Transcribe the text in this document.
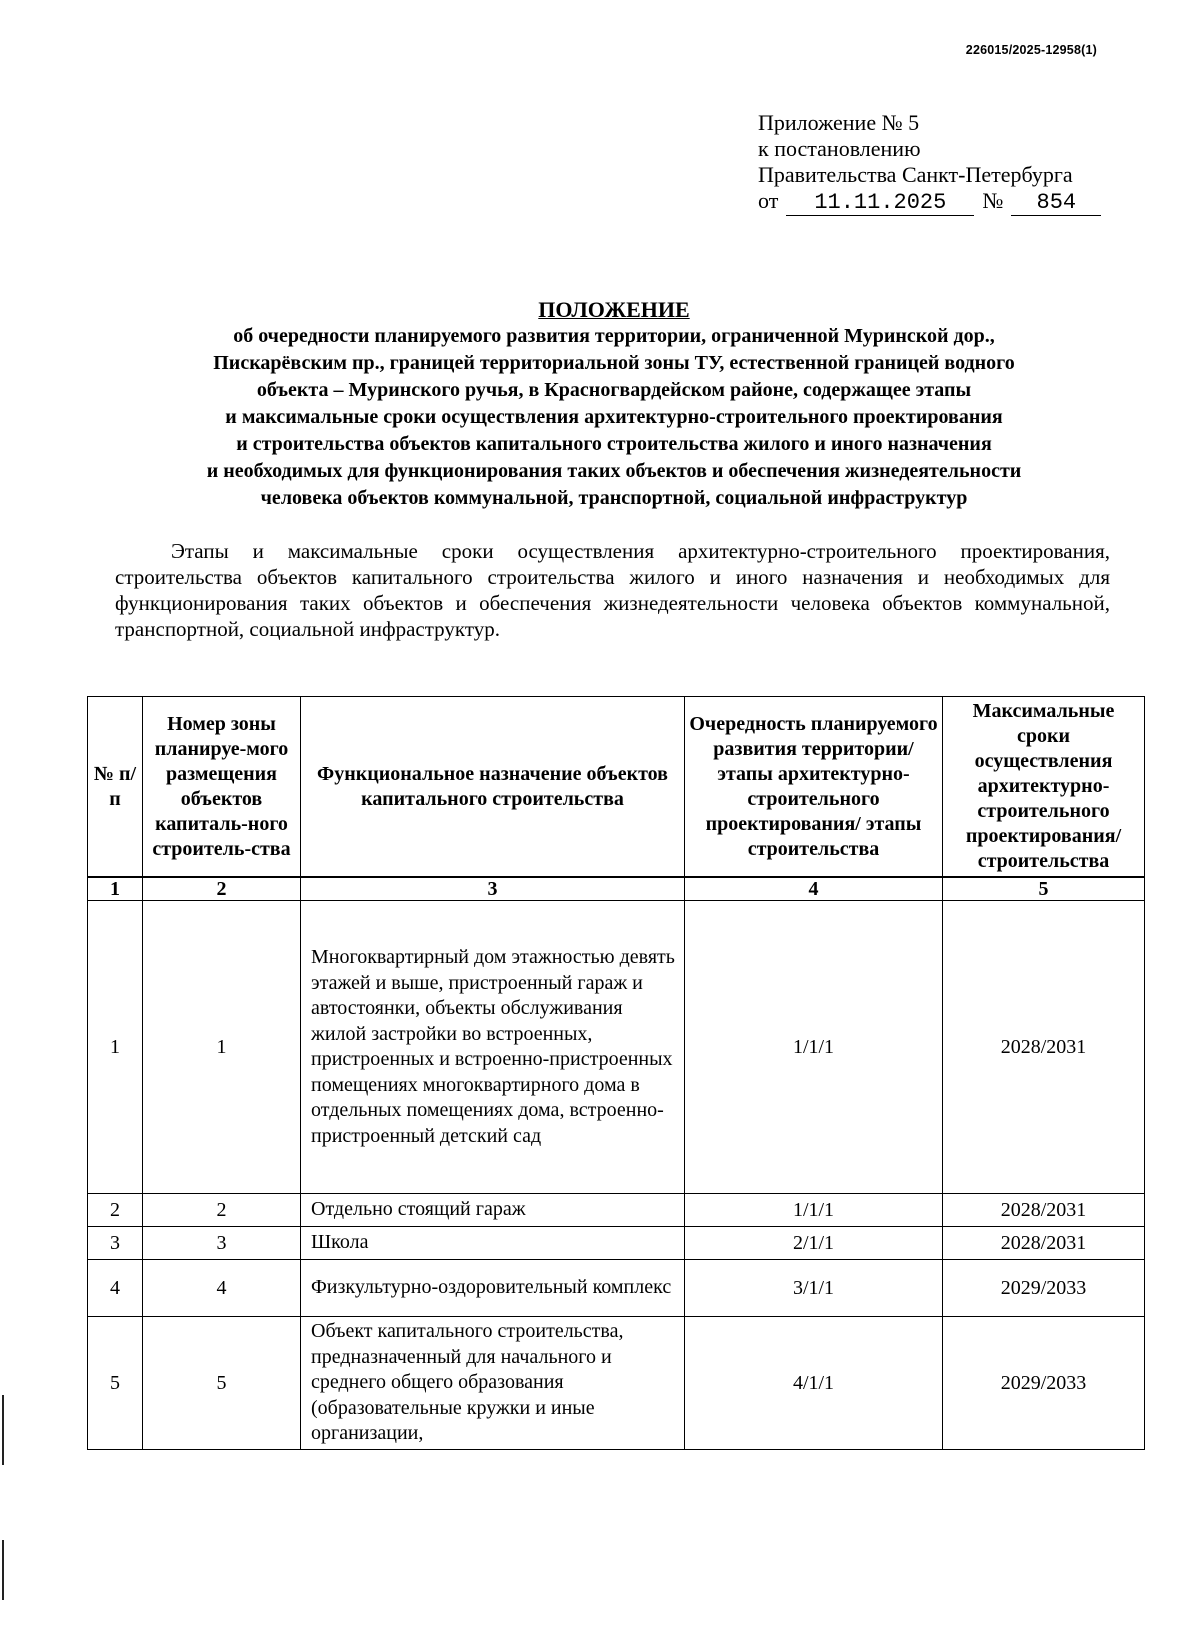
226015/2025-12958(1)
Приложение № 5
к постановлению
Правительства Санкт-Петербурга
от 11.11.2025 № 854
ПОЛОЖЕНИЕ
об очередности планируемого развития территории, ограниченной Муринской дор.,
Пискарёвским пр., границей территориальной зоны ТУ, естественной границей водного
объекта – Муринского ручья, в Красногвардейском районе, содержащее этапы
и максимальные сроки осуществления архитектурно-строительного проектирования
и строительства объектов капитального строительства жилого и иного назначения
и необходимых для функционирования таких объектов и обеспечения жизнедеятельности
человека объектов коммунальной, транспортной, социальной инфраструктур
Этапы и максимальные сроки осуществления архитектурно-строительного проектирования, строительства объектов капитального строительства жилого и иного назначения и необходимых для функционирования таких объектов и обеспечения жизнедеятельности человека объектов коммунальной, транспортной, социальной инфраструктур.
№ п/п	Номер зоны планируе-мого размещения объектов капиталь-ного строитель-ства	Функциональное назначение объектов капитального строительства	Очередность планируемого развития территории/этапы архитектурно-строительного проектирования/ этапы строительства	Максимальные сроки осуществления архитектурно-строительного проектирования/ строительства
1	2	3	4	5
1	1	Многоквартирный дом этажностью девять этажей и выше, пристроенный гараж и автостоянки, объекты обслуживания жилой застройки во встроенных, пристроенных и встроенно-пристроенных помещениях многоквартирного дома в отдельных помещениях дома, встроенно-пристроенный детский сад	1/1/1	2028/2031
2	2	Отдельно стоящий гараж	1/1/1	2028/2031
3	3	Школа	2/1/1	2028/2031
4	4	Физкультурно-оздоровительный комплекс	3/1/1	2029/2033
5	5	Объект капитального строительства, предназначенный для начального и среднего общего образования (образовательные кружки и иные организации,	4/1/1	2029/2033
